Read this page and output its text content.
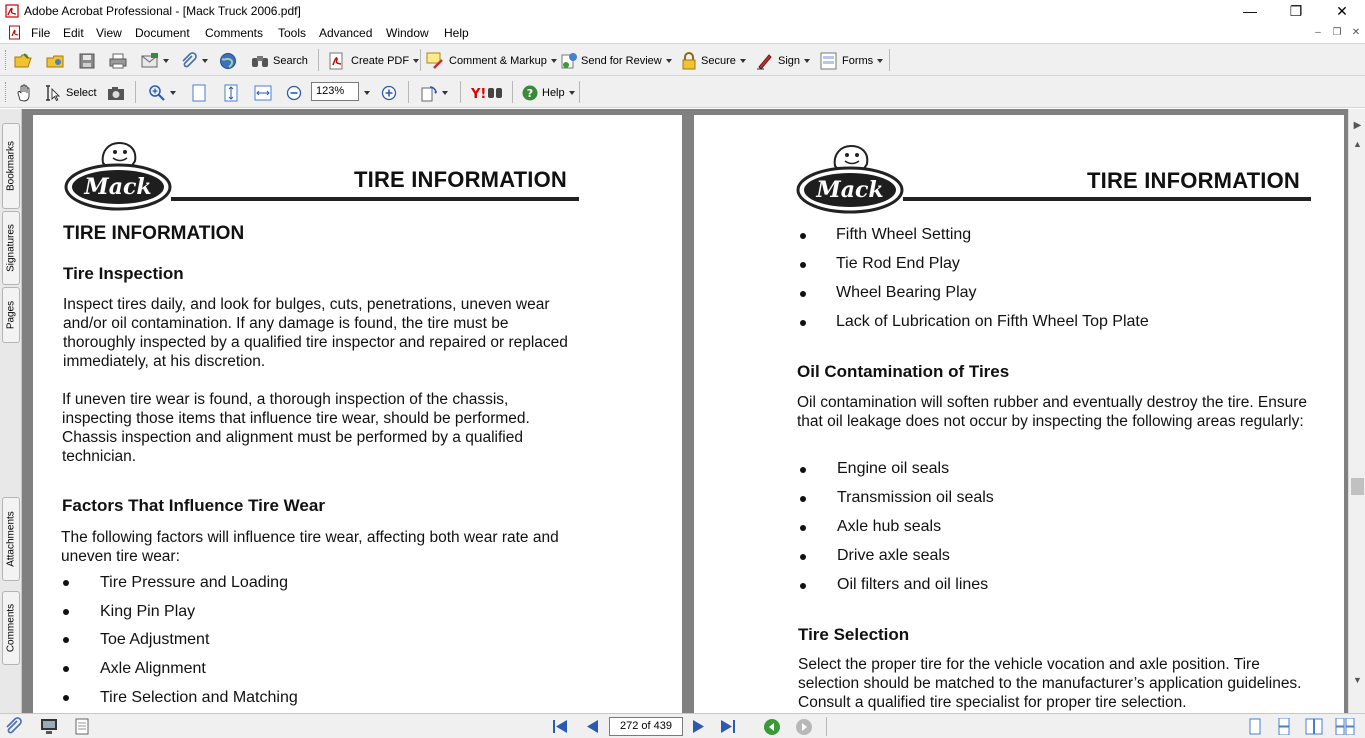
Adobe Acrobat Professional - [Mack Truck 2006.pdf]	—	❐	✕
File Edit View Document Comments Tools Advanced Window Help	–	❐	✕
Search	Create PDF	Comment & Markup	Send for Review	Secure	Sign	Forms
Select	123%	Y!	? Help
Bookmarks
Signatures
Pages
Attachments
Comments
Mack	TIRE INFORMATION
TIRE INFORMATION
Tire Inspection
Inspect tires daily, and look for bulges, cuts, penetrations, uneven wear and/or oil contamination. If any damage is found, the tire must be thoroughly inspected by a qualified tire inspector and repaired or replaced immediately, at his discretion.
If uneven tire wear is found, a thorough inspection of the chassis, inspecting those items that influence tire wear, should be performed. Chassis inspection and alignment must be performed by a qualified technician.
Factors That Influence Tire Wear
The following factors will influence tire wear, affecting both wear rate and uneven tire wear:
Tire Pressure and Loading
King Pin Play
Toe Adjustment
Axle Alignment
Tire Selection and Matching
Mack	TIRE INFORMATION
Fifth Wheel Setting
Tie Rod End Play
Wheel Bearing Play
Lack of Lubrication on Fifth Wheel Top Plate
Oil Contamination of Tires
Oil contamination will soften rubber and eventually destroy the tire. Ensure that oil leakage does not occur by inspecting the following areas regularly:
Engine oil seals
Transmission oil seals
Axle hub seals
Drive axle seals
Oil filters and oil lines
Tire Selection
Select the proper tire for the vehicle vocation and axle position. Tire selection should be matched to the manufacturer’s application guidelines. Consult a qualified tire specialist for proper tire selection.
▶
▲
▼
272 of 439
